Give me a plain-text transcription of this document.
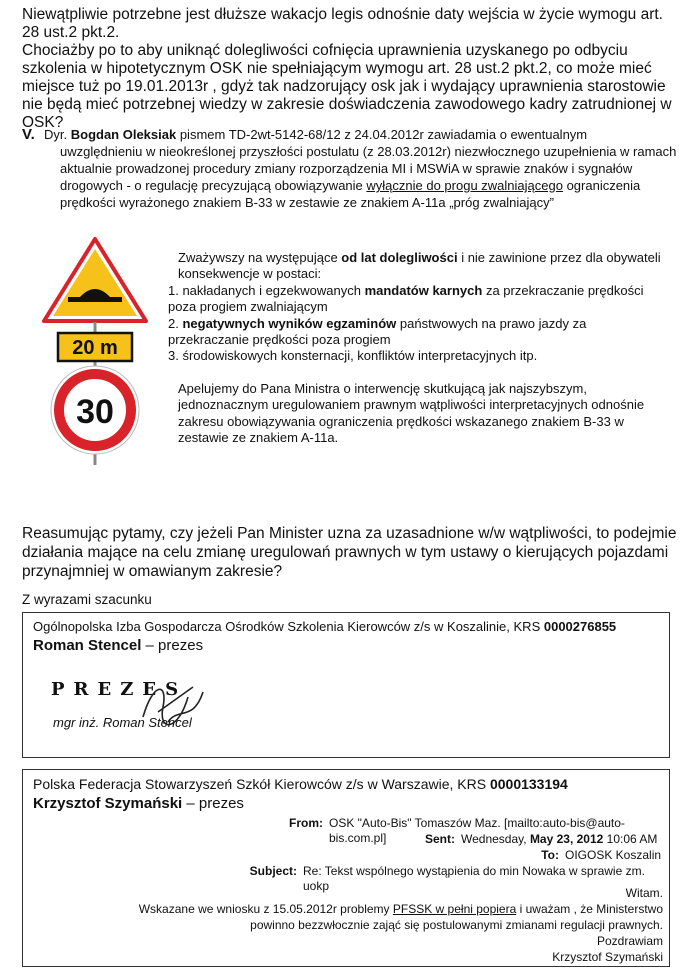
Niewątpliwie potrzebne jest dłuższe wakacjo legis odnośnie daty wejścia w życie wymogu art. 28 ust.2 pkt.2.
Chociażby po to aby uniknąć dolegliwości cofnięcia uprawnienia uzyskanego po odbyciu szkolenia w hipotetycznym OSK nie spełniającym wymogu art. 28 ust.2 pkt.2, co może mieć miejsce tuż po 19.01.2013r , gdyż tak nadzorujący osk jak i wydający uprawnienia starostowie nie będą mieć potrzebnej wiedzy w zakresie doświadczenia zawodowego kadry zatrudnionej w OSK?
V. Dyr. Bogdan Oleksiak pismem TD-2wt-5142-68/12 z 24.04.2012r zawiadamia o ewentualnym
uwzględnieniu w nieokreślonej przyszłości postulatu (z 28.03.2012r) niezwłocznego uzupełnienia w ramach aktualnie prowadzonej procedury zmiany rozporządzenia MI i MSWiA w sprawie znaków i sygnałów drogowych - o regulację precyzującą obowiązywanie wyłącznie do progu zwalniającego ograniczenia prędkości wyrażonego znakiem B-33 w zestawie ze znakiem A-11a „próg zwalniający”
20 m
30

Zważywszy na występujące od lat dolegliwości i nie zawinione przez dla obywateli konsekwencje w postaci:

1. nakładanych i egzekwowanych mandatów karnych za przekraczanie prędkości poza progiem zwalniającym

2. negatywnych wyników egzaminów państwowych na prawo jazdy za przekraczanie prędkości poza progiem

3. środowiskowych konsternacji, konfliktów interpretacyjnych itp.

Apelujemy do Pana Ministra o interwencję skutkującą jak najszybszym, jednoznacznym uregulowaniem prawnym wątpliwości interpretacyjnych odnośnie zakresu obowiązywania ograniczenia prędkości wskazanego znakiem B-33 w zestawie ze znakiem A-11a.

Reasumując pytamy, czy jeżeli Pan Minister uzna za uzasadnione w/w wątpliwości, to podejmie działania mające na celu zmianę uregulowań prawnych w tym ustawy o kierujących pojazdami przynajmniej w omawianym zakresie?
Z wyrazami szacunku
Ogólnopolska Izba Gospodarcza Ośrodków Szkolenia Kierowców z/s w Koszalinie, KRS 0000276855
Roman Stencel – prezes
PREZES
mgr inż. Roman Stencel
Polska Federacja Stowarzyszeń Szkół Kierowców z/s w Warszawie, KRS 0000133194
Krzysztof Szymański – prezes
From: OSK "Auto-Bis" Tomaszów Maz. [mailto:auto-bis@auto-bis.com.pl]	Sent: Wednesday, May 23, 2012 10:06 AM
To: OIGOSK Koszalin
Subject: Re: Tekst wspólnego wystąpienia do min Nowaka w sprawie zm. uokp	Witam.
Wskazane we wniosku z 15.05.2012r problemy PFSSK w pełni popiera i uważam , że Ministerstwo
powinno bezzwłocznie zająć się postulowanymi zmianami regulacji prawnych.
Pozdrawiam
Krzysztof Szymański
